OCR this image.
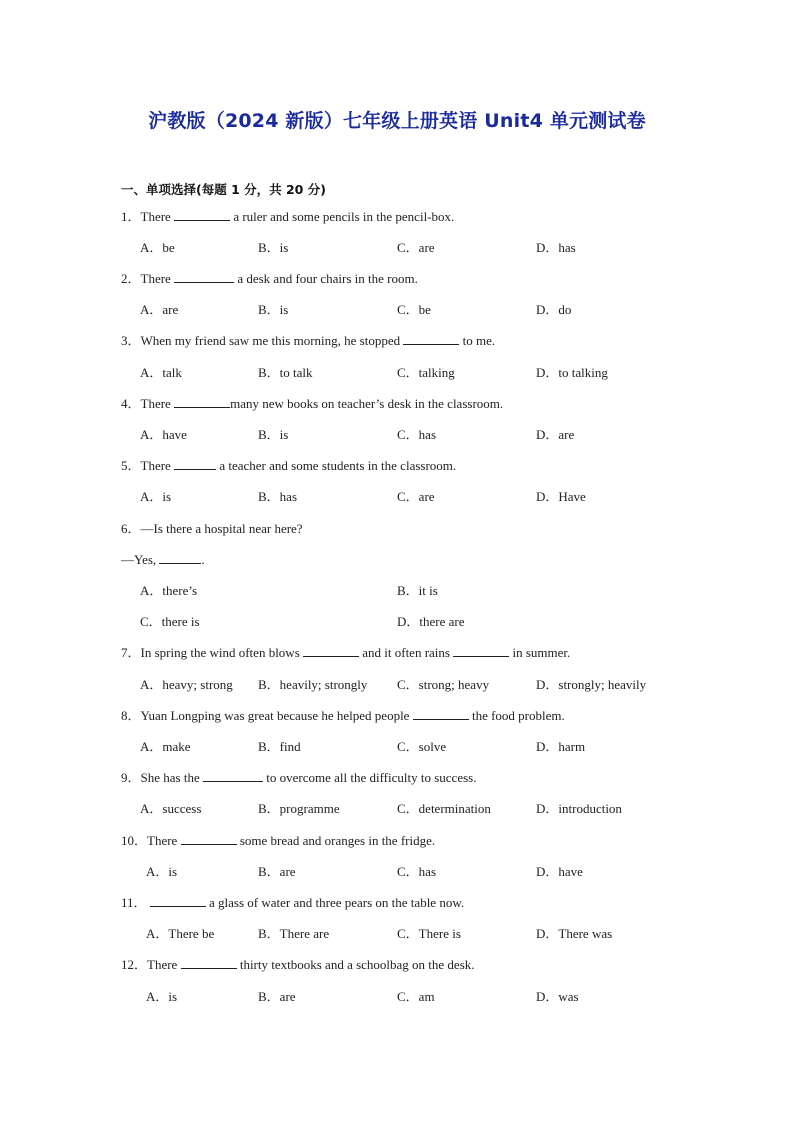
沪教版（2024 新版）七年级上册英语 Unit4 单元测试卷
一、单项选择(每题 1 分，共 20 分)
1．There	a ruler and some pencils in the pencil-box.
A．be	B．is	C．are	D．has
2．There	a desk and four chairs in the room.
A．are	B．is	C．be	D．do
3．When my friend saw me this morning, he stopped	to me.
A．talk	B．to talk	C．talking	D．to talking
4．There	many new books on teacher’s desk in the classroom.
A．have	B．is	C．has	D．are
5．There	a teacher and some students in the classroom.
A．is	B．has	C．are	D．Have
6．—Is there a hospital near here?
—Yes,	.
A．there’s	B．it is
C．there is	D．there are
7．In spring the wind often blows	and it often rains	in summer.
A．heavy; strong B．heavily; strongly C．strong; heavy	D．strongly; heavily
8．Yuan Longping was great because he helped people	the food problem.
A．make	B．find	C．solve	D．harm
9．She has the	to overcome all the difficulty to success.
A．success	B．programme	C．determination	D．introduction
10．There	some bread and oranges in the fridge.
A．is	B．are	C．has	D．have
11．	a glass of water and three pears on the table now.
A．There be	B．There are	C．There is	D．There was
12．There	thirty textbooks and a schoolbag on the desk.
A．is	B．are	C．am	D．was
